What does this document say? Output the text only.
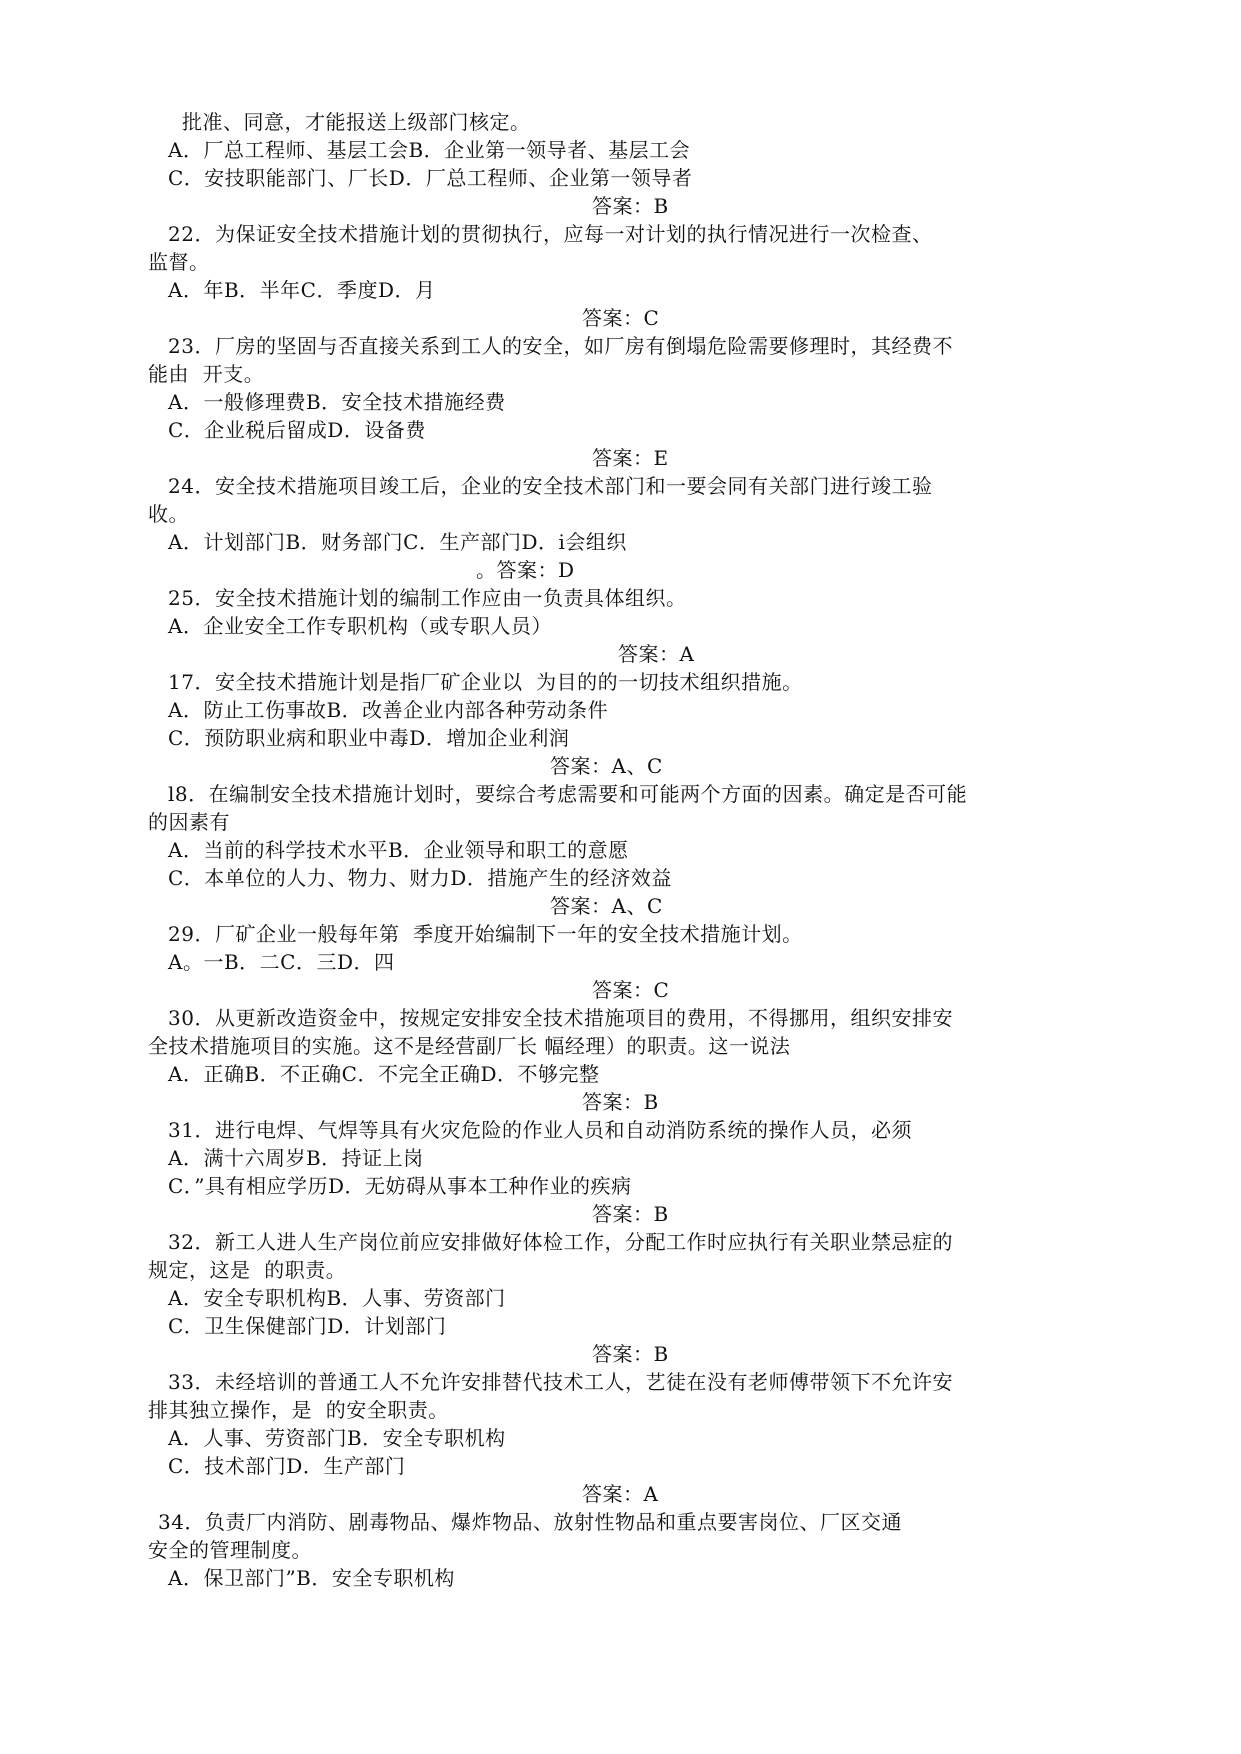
批准、同意，才能报送上级部门核定。
A．厂总工程师、基层工会B．企业第一领导者、基层工会
C．安技职能部门、厂长D．厂总工程师、企业第一领导者
答案：B
22．为保证安全技术措施计划的贯彻执行，应每一对计划的执行情况进行一次检查、
监督。
A．年B．半年C．季度D．月
答案：C
23．厂房的坚固与否直接关系到工人的安全，如厂房有倒塌危险需要修理时，其经费不
能由  开支。
A．一般修理费B．安全技术措施经费
C．企业税后留成D．设备费
答案：E
24．安全技术措施项目竣工后，企业的安全技术部门和一要会同有关部门进行竣工验
收。
A．计划部门B．财务部门C．生产部门D．i会组织
。答案：D
25．安全技术措施计划的编制工作应由一负责具体组织。
A．企业安全工作专职机构（或专职人员）
答案：A
17．安全技术措施计划是指厂矿企业以  为目的的一切技术组织措施。
A．防止工伤事故B．改善企业内部各种劳动条件
C．预防职业病和职业中毒D．增加企业利润
答案：A、C
l8．在编制安全技术措施计划时，要综合考虑需要和可能两个方面的因素。确定是否可能
的因素有
A．当前的科学技术水平B．企业领导和职工的意愿
C．本单位的人力、物力、财力D．措施产生的经济效益
答案：A、C
29．厂矿企业一般每年第  季度开始编制下一年的安全技术措施计划。
A。一B．二C．三D．四
答案：C
30．从更新改造资金中，按规定安排安全技术措施项目的费用，不得挪用，组织安排安
全技术措施项目的实施。这不是经营副厂长 幅经理）的职责。这一说法
A．正确B．不正确C．不完全正确D．不够完整
答案：B
31．进行电焊、气焊等具有火灾危险的作业人员和自动消防系统的操作人员，必须
A．满十六周岁B．持证上岗
C．”具有相应学历D．无妨碍从事本工种作业的疾病
答案：B
32．新工人进人生产岗位前应安排做好体检工作，分配工作时应执行有关职业禁忌症的
规定，这是  的职责。
A．安全专职机构B．人事、劳资部门
C．卫生保健部门D．计划部门
答案：B
33．未经培训的普通工人不允许安排替代技术工人，艺徒在没有老师傅带领下不允许安
排其独立操作，是  的安全职责。
A．人事、劳资部门B．安全专职机构
C．技术部门D．生产部门
答案：A
34．负责厂内消防、剧毒物品、爆炸物品、放射性物品和重点要害岗位、厂区交通
安全的管理制度。
A．保卫部门”B．安全专职机构
